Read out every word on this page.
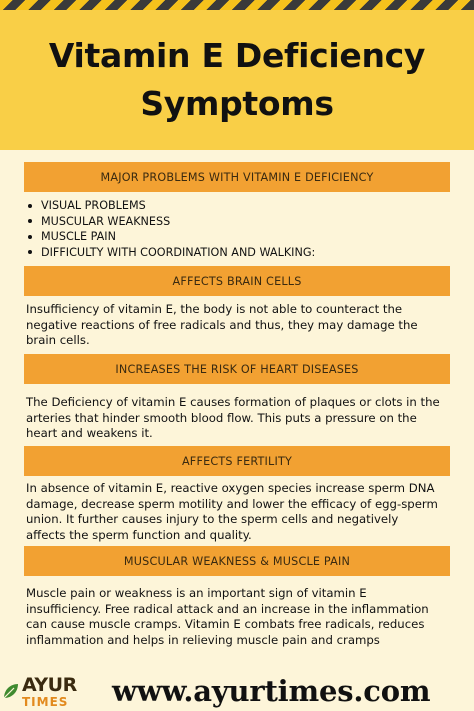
Vitamin E Deficiency
Symptoms
MAJOR PROBLEMS WITH VITAMIN E DEFICIENCY
VISUAL PROBLEMS
MUSCULAR WEAKNESS
MUSCLE PAIN
DIFFICULTY WITH COORDINATION AND WALKING:
AFFECTS BRAIN CELLS

Insufficiency of vitamin E, the body is not able to counteract the

negative reactions of free radicals and thus, they may damage the

brain cells.

INCREASES THE RISK OF HEART DISEASES

The Deficiency of vitamin E causes formation of plaques or clots in the

arteries that hinder smooth blood flow. This puts a pressure on the

heart and weakens it.

AFFECTS FERTILITY

In absence of vitamin E, reactive oxygen species increase sperm DNA

damage, decrease sperm motility and lower the efficacy of egg-sperm

union. It further causes injury to the sperm cells and negatively

affects the sperm function and quality.

MUSCULAR WEAKNESS & MUSCLE PAIN

Muscle pain or weakness is an important sign of vitamin E

insufficiency. Free radical attack and an increase in the inflammation

can cause muscle cramps. Vitamin E combats free radicals, reduces

inflammation and helps in relieving muscle pain and cramps

AYUR
TIMES www.ayurtimes.com
